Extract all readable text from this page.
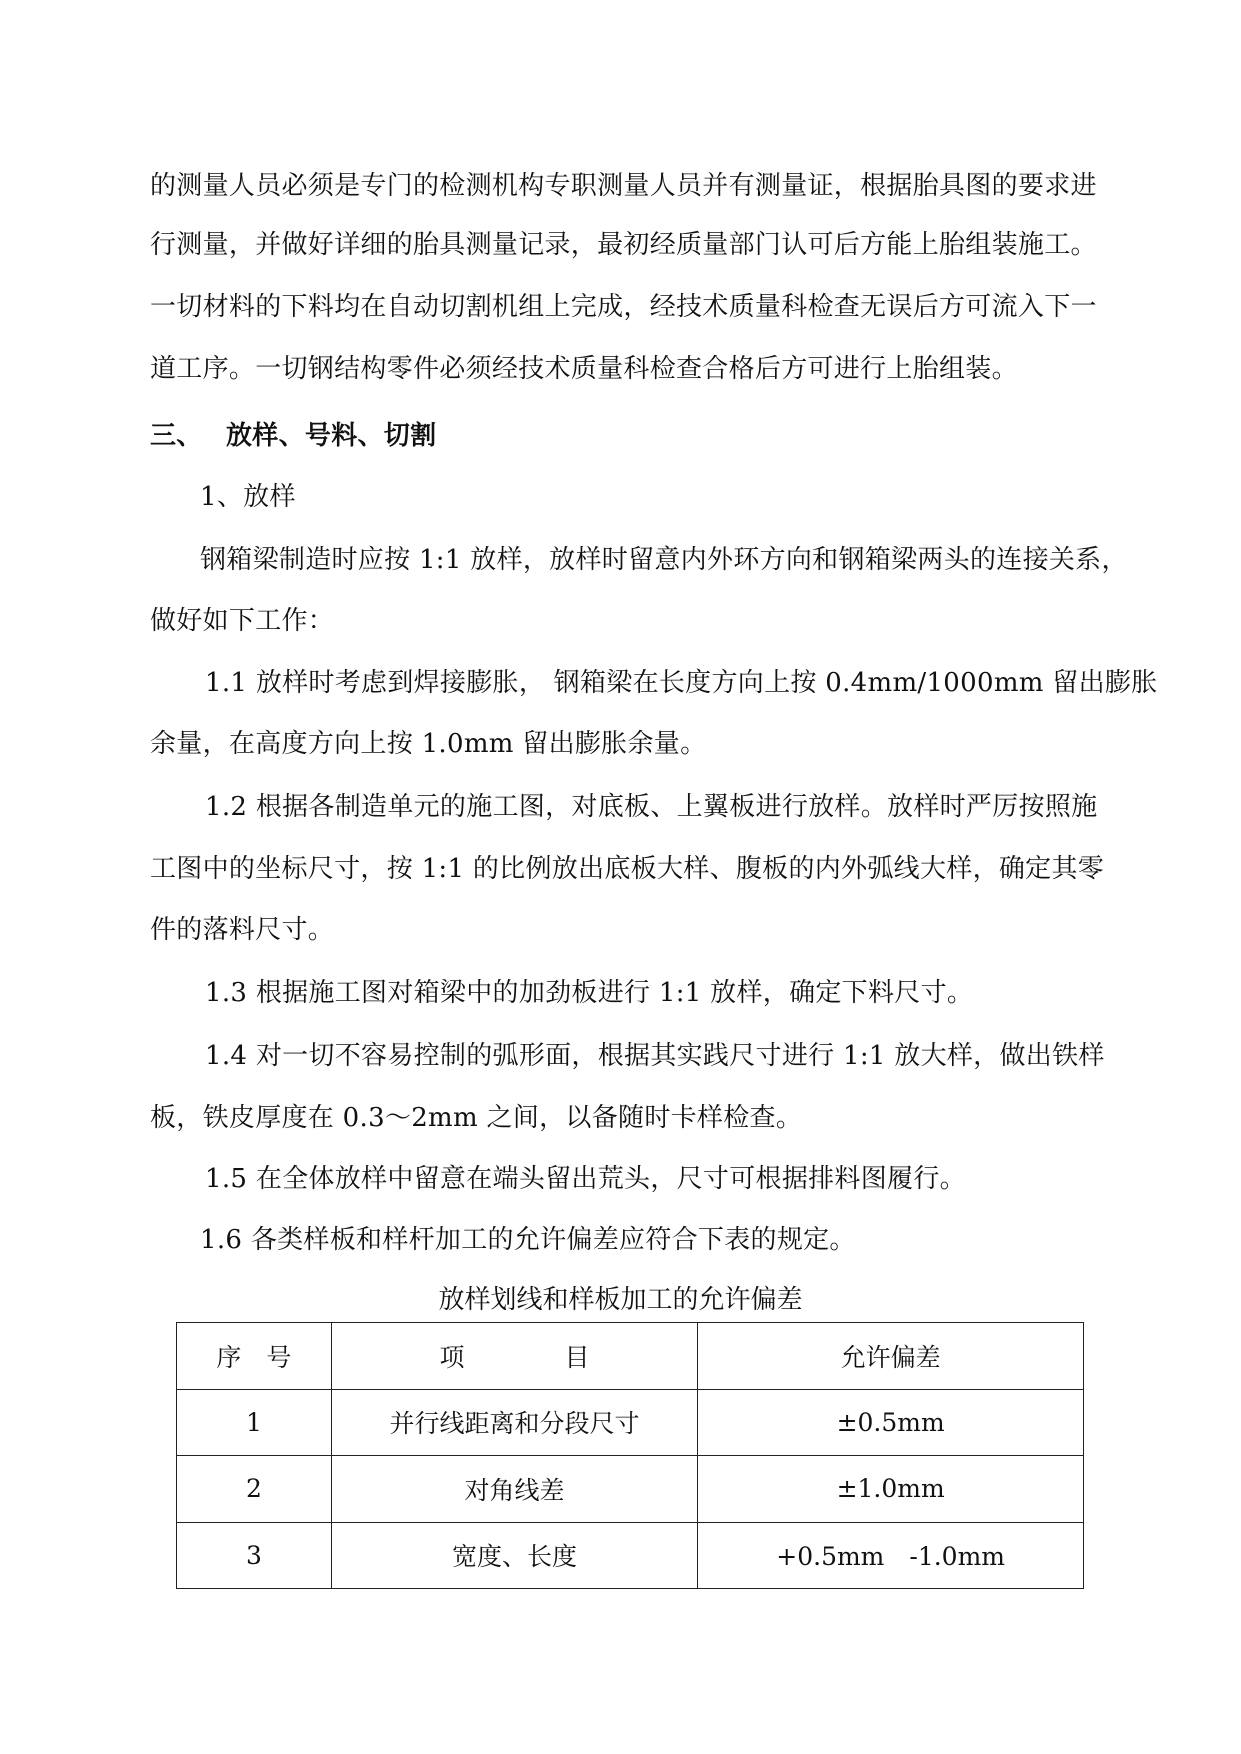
的测量人员必须是专门的检测机构专职测量人员并有测量证，根据胎具图的要求进
行测量，并做好详细的胎具测量记录，最初经质量部门认可后方能上胎组装施工。
一切材料的下料均在自动切割机组上完成，经技术质量科检查无误后方可流入下一
道工序。一切钢结构零件必须经技术质量科检查合格后方可进行上胎组装。
三、 放样、号料、切割
1、放样
钢箱梁制造时应按 1:1 放样，放样时留意内外环方向和钢箱梁两头的连接关系，
做好如下工作：
1.1 放样时考虑到焊接膨胀， 钢箱梁在长度方向上按 0.4mm/1000mm 留出膨胀
余量，在高度方向上按 1.0mm 留出膨胀余量。
1.2 根据各制造单元的施工图，对底板、上翼板进行放样。放样时严厉按照施
工图中的坐标尺寸，按 1:1 的比例放出底板大样、腹板的内外弧线大样，确定其零
件的落料尺寸。
1.3 根据施工图对箱梁中的加劲板进行 1:1 放样，确定下料尺寸。
1.4 对一切不容易控制的弧形面，根据其实践尺寸进行 1:1 放大样，做出铁样
板，铁皮厚度在 0.3～2mm 之间，以备随时卡样检查。
1.5 在全体放样中留意在端头留出荒头，尺寸可根据排料图履行。
1.6 各类样板和样杆加工的允许偏差应符合下表的规定。
放样划线和样板加工的允许偏差
序　号	项　　　　目	允许偏差
1	并行线距离和分段尺寸	±0.5mm
2	对角线差	±1.0mm
3	宽度、长度	+0.5mm　-1.0mm
